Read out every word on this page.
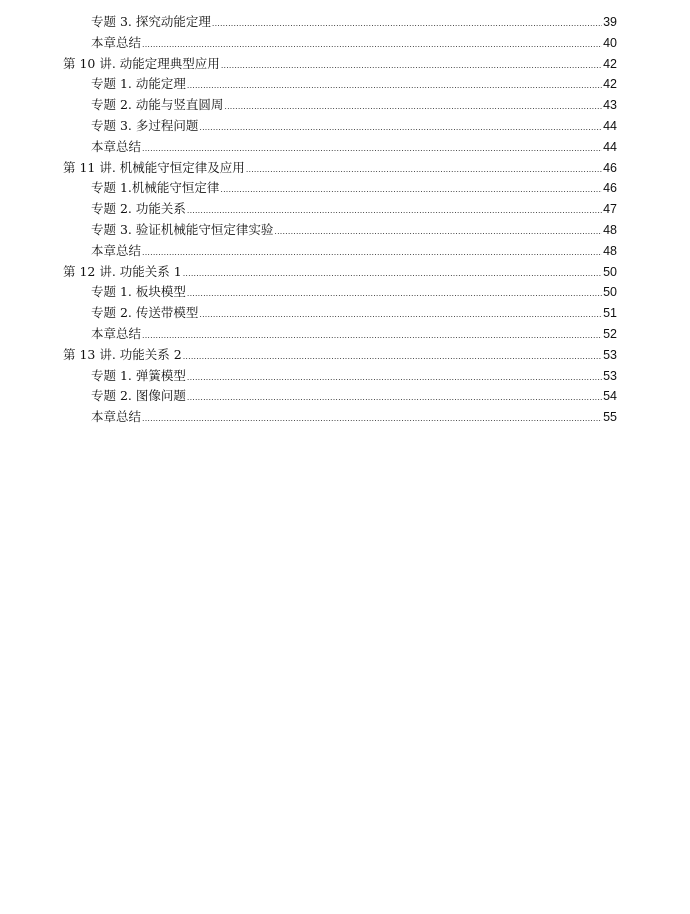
专题 3. 探究动能定理 .....	39
本章总结 .....	40
第 10 讲. 动能定理典型应用 .....	42
专题 1. 动能定理 .....	42
专题 2. 动能与竖直圆周 .....	43
专题 3. 多过程问题 .....	44
本章总结 .....	44
第 11 讲. 机械能守恒定律及应用 .....	46
专题 1.机械能守恒定律 .....	46
专题 2. 功能关系 .....	47
专题 3. 验证机械能守恒定律实验 .....	48
本章总结 .....	48
第 12 讲. 功能关系 1 .....	50
专题 1. 板块模型 .....	50
专题 2. 传送带模型 .....	51
本章总结 .....	52
第 13 讲. 功能关系 2 .....	53
专题 1. 弹簧模型 .....	53
专题 2. 图像问题 .....	54
本章总结 .....	55
